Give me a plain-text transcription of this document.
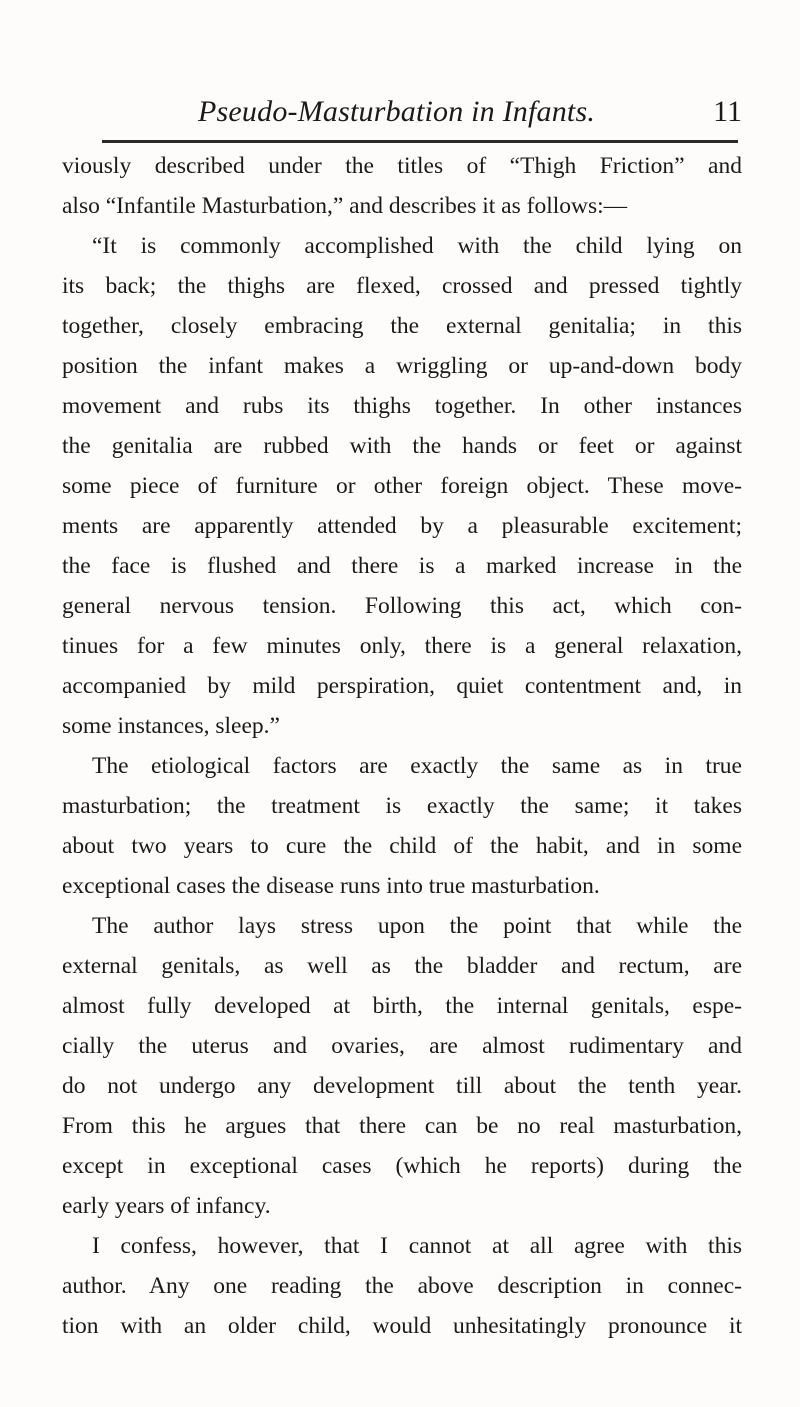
Pseudo-Masturbation in Infants.	11
viously described under the titles of “Thigh Friction” and
also “Infantile Masturbation,” and describes it as follows:—
“It is commonly accomplished with the child lying on
its back; the thighs are flexed, crossed and pressed tightly
together, closely embracing the external genitalia; in this
position the infant makes a wriggling or up-and-down body
movement and rubs its thighs together. In other instances
the genitalia are rubbed with the hands or feet or against
some piece of furniture or other foreign object. These move-
ments are apparently attended by a pleasurable excitement;
the face is flushed and there is a marked increase in the
general nervous tension. Following this act, which con-
tinues for a few minutes only, there is a general relaxation,
accompanied by mild perspiration, quiet contentment and, in
some instances, sleep.”
The etiological factors are exactly the same as in true
masturbation; the treatment is exactly the same; it takes
about two years to cure the child of the habit, and in some
exceptional cases the disease runs into true masturbation.
The author lays stress upon the point that while the
external genitals, as well as the bladder and rectum, are
almost fully developed at birth, the internal genitals, espe-
cially the uterus and ovaries, are almost rudimentary and
do not undergo any development till about the tenth year.
From this he argues that there can be no real masturbation,
except in exceptional cases (which he reports) during the
early years of infancy.
I confess, however, that I cannot at all agree with this
author. Any one reading the above description in connec-
tion with an older child, would unhesitatingly pronounce it
